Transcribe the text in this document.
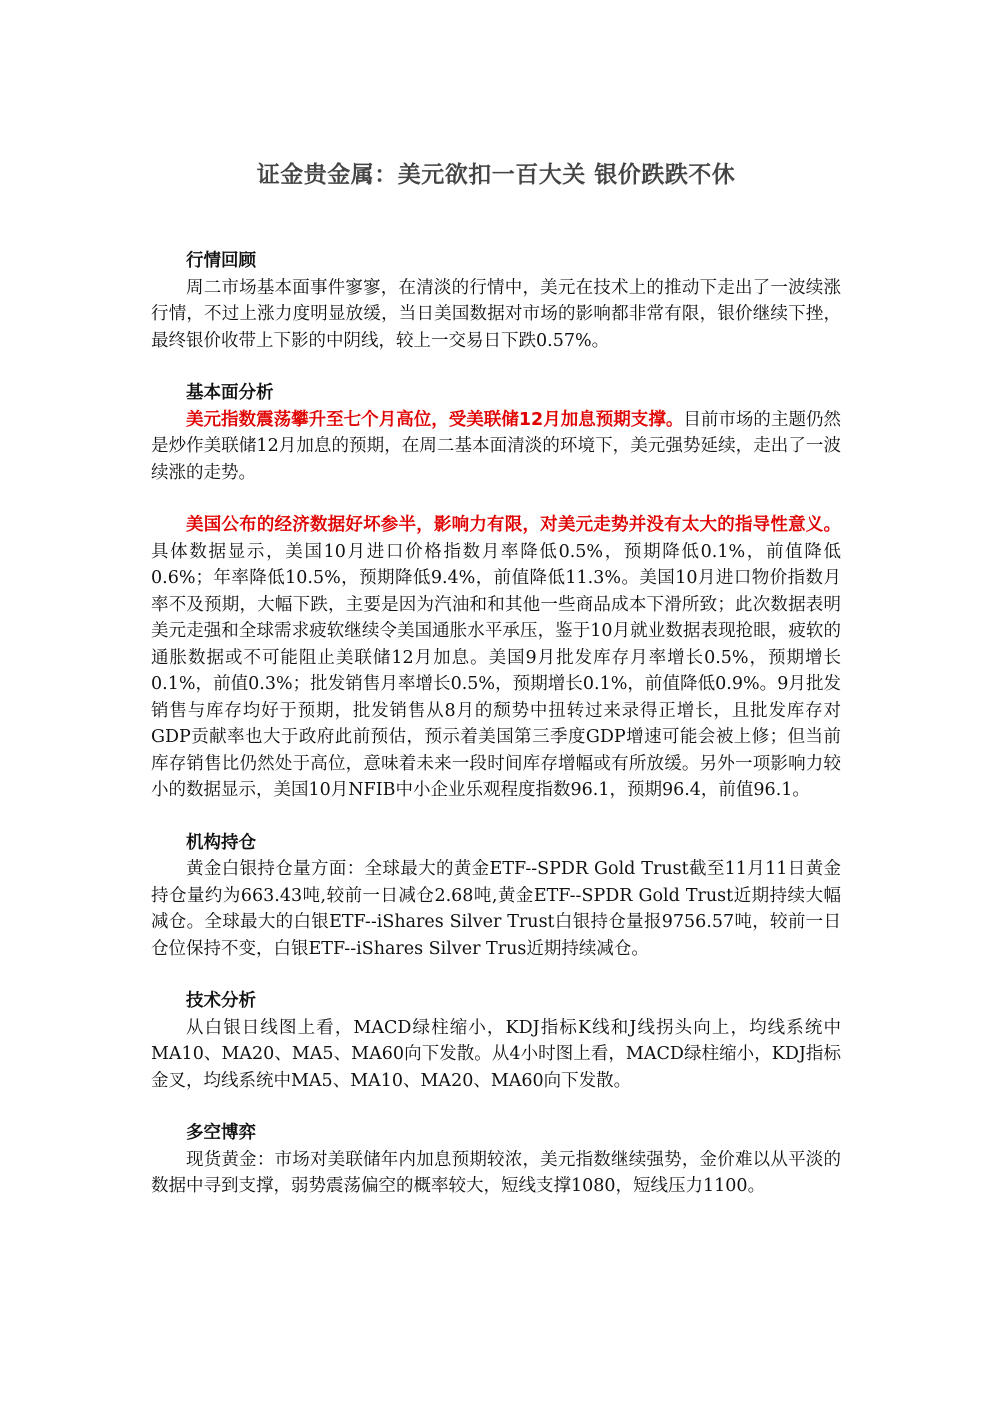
证金贵金属：美元欲扣一百大关 银价跌跌不休
行情回顾

周二市场基本面事件寥寥，在清淡的行情中，美元在技术上的推动下走出了一波续涨行情，不过上涨力度明显放缓，当日美国数据对市场的影响都非常有限，银价继续下挫，最终银价收带上下影的中阴线，较上一交易日下跌0.57%。

基本面分析

美元指数震荡攀升至七个月高位，受美联储12月加息预期支撑。目前市场的主题仍然是炒作美联储12月加息的预期，在周二基本面清淡的环境下，美元强势延续，走出了一波续涨的走势。

美国公布的经济数据好坏参半，影响力有限，对美元走势并没有太大的指导性意义。具体数据显示，美国10月进口价格指数月率降低0.5%，预期降低0.1%，前值降低0.6%；年率降低10.5%，预期降低9.4%，前值降低11.3%。美国10月进口物价指数月率不及预期，大幅下跌，主要是因为汽油和和其他一些商品成本下滑所致；此次数据表明美元走强和全球需求疲软继续令美国通胀水平承压，鉴于10月就业数据表现抢眼，疲软的通胀数据或不可能阻止美联储12月加息。美国9月批发库存月率增长0.5%，预期增长0.1%，前值0.3%；批发销售月率增长0.5%，预期增长0.1%，前值降低0.9%。9月批发销售与库存均好于预期，批发销售从8月的颓势中扭转过来录得正增长，且批发库存对GDP贡献率也大于政府此前预估，预示着美国第三季度GDP增速可能会被上修；但当前库存销售比仍然处于高位，意味着未来一段时间库存增幅或有所放缓。另外一项影响力较小的数据显示，美国10月NFIB中小企业乐观程度指数96.1，预期96.4，前值96.1。

机构持仓

黄金白银持仓量方面：全球最大的黄金ETF--SPDR Gold Trust截至11月11日黄金持仓量约为663.43吨,较前一日减仓2.68吨,黄金ETF--SPDR Gold Trust近期持续大幅减仓。全球最大的白银ETF--iShares Silver Trust白银持仓量报9756.57吨，较前一日仓位保持不变，白银ETF--iShares Silver Trus近期持续减仓。

技术分析

从白银日线图上看，MACD绿柱缩小，KDJ指标K线和J线拐头向上，均线系统中MA10、MA20、MA5、MA60向下发散。从4小时图上看，MACD绿柱缩小，KDJ指标金叉，均线系统中MA5、MA10、MA20、MA60向下发散。

多空博弈

现货黄金：市场对美联储年内加息预期较浓，美元指数继续强势，金价难以从平淡的数据中寻到支撑，弱势震荡偏空的概率较大，短线支撑1080，短线压力1100。
